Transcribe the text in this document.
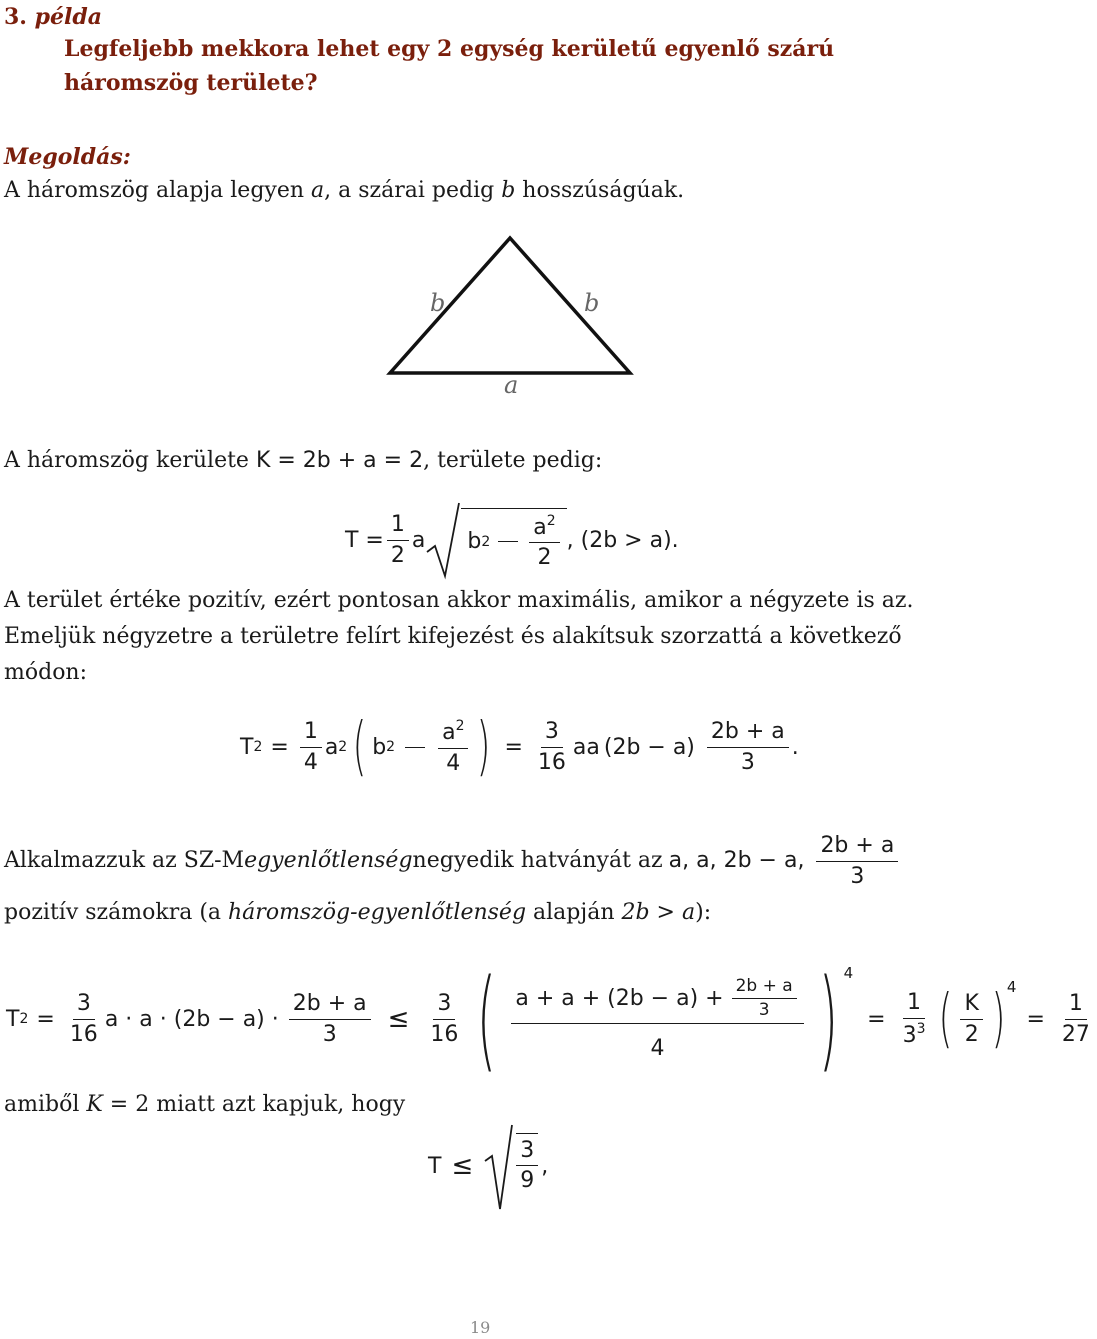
3. példa
Legfeljebb mekkora lehet egy 2 egység kerületű egyenlő szárú
háromszög területe?
Megoldás:
A háromszög alapja legyen a, a szárai pedig b hosszúságúak.
b	b
a
A háromszög kerülete K = 2b + a = 2, területe pedig:
$T = \frac{1}{2}$ a b $2 \frac{a^2}{2}$ , (2b > a).
A terület értéke pozitív, ezért pontosan akkor maximális, amikor a négyzete is az.
Emeljük négyzetre a területre felírt kifejezést és alakítsuk szorzattá a következő
módon:
T $2 = \frac{1}{4}$ a 2 ( b $2 \frac{a^2}{4}$ ) = $\frac{3}{16}$ aa $(2b - a) \frac{2b + a}{3}$ .
Alkalmazzuk az SZ-M egyenlőtlenség negyedik hatványát az a, a, 2b − a, $\frac{2b + a}{3}$
pozitív számokra (a háromszög-egyenlőtlenség alapján 2b > a):
T $2 = \frac{3}{16}$ $a \cdot a \cdot (2b - a) \cdot \frac{2b + a}{3} \le \frac{3}{16}$ ( $\frac{a + a + (2b - a) + \frac{2b + a}{3}}{4}$ ) 4
= $\frac{1}{3^3}$ ( $\frac{K}{2}$ ) 4
= $\frac{1}{27}$
amiből K = 2 miatt azt kapjuk, hogy
$T \le \frac{3}{9}$ ,
19
